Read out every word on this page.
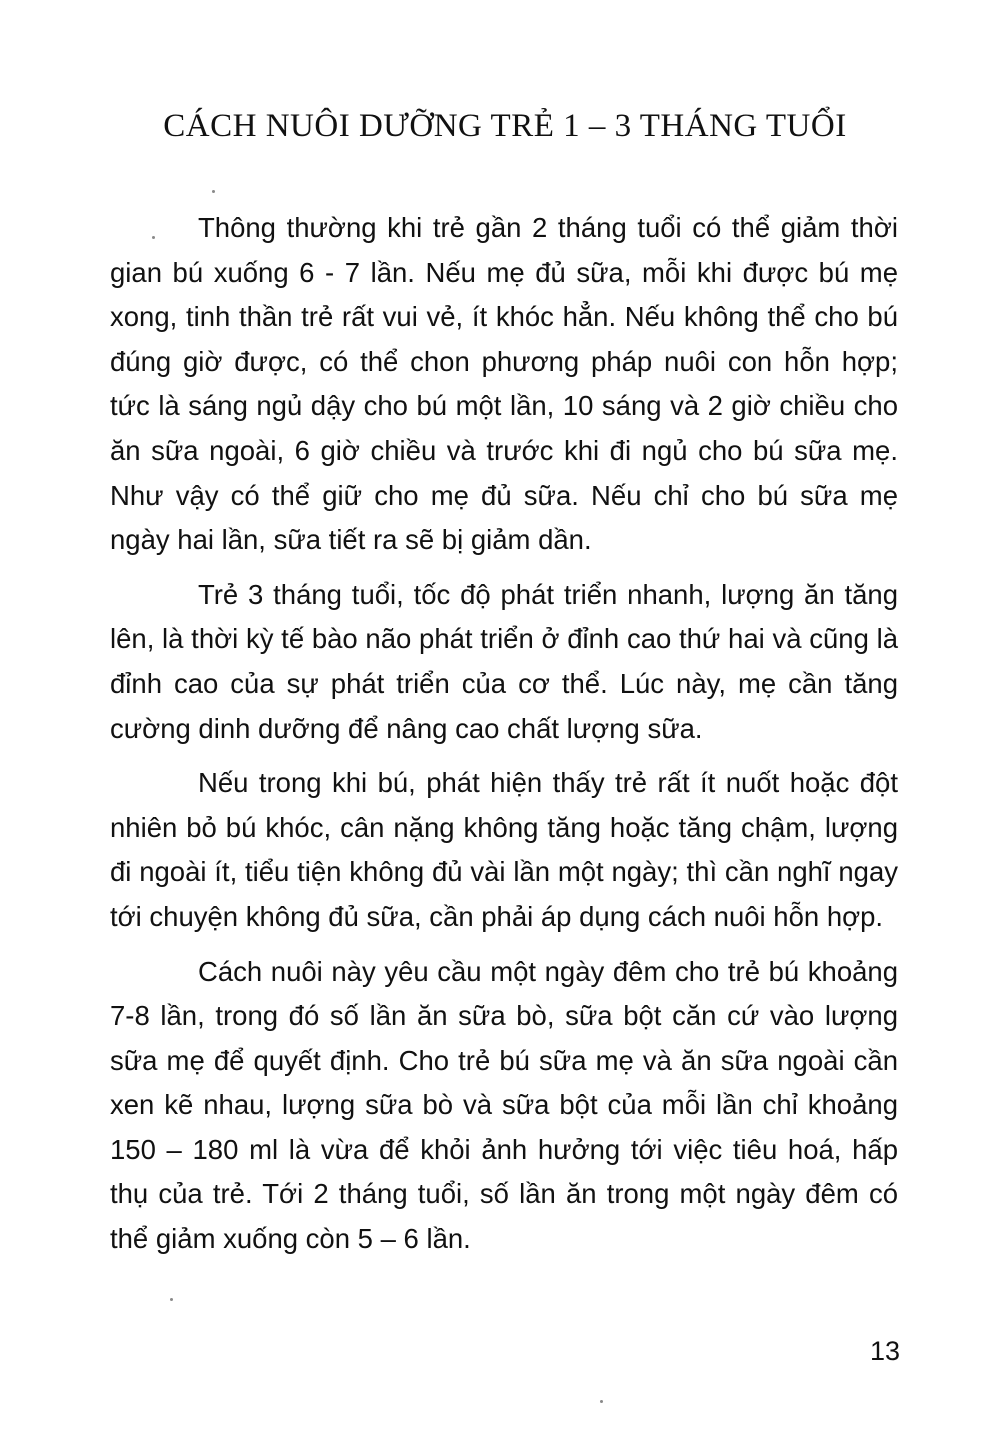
CÁCH NUÔI DƯỠNG TRẺ 1 – 3 THÁNG TUỔI

Thông thường khi trẻ gần 2 tháng tuổi có thể giảm thời gian bú xuống 6 - 7 lần. Nếu mẹ đủ sữa, mỗi khi được bú mẹ xong, tinh thần trẻ rất vui vẻ, ít khóc hẳn. Nếu không thể cho bú đúng giờ được, có thể chon phương pháp nuôi con hỗn hợp; tức là sáng ngủ dậy cho bú một lần, 10 sáng và 2 giờ chiều cho ăn sữa ngoài, 6 giờ chiều và trước khi đi ngủ cho bú sữa mẹ. Như vậy có thể giữ cho mẹ đủ sữa. Nếu chỉ cho bú sữa mẹ ngày hai lần, sữa tiết ra sẽ bị giảm dần.

Trẻ 3 tháng tuổi, tốc độ phát triển nhanh, lượng ăn tăng lên, là thời kỳ tế bào não phát triển ở đỉnh cao thứ hai và cũng là đỉnh cao của sự phát triển của cơ thể. Lúc này, mẹ cần tăng cường dinh dưỡng để nâng cao chất lượng sữa.

Nếu trong khi bú, phát hiện thấy trẻ rất ít nuốt hoặc đột nhiên bỏ bú khóc, cân nặng không tăng hoặc tăng chậm, lượng đi ngoài ít, tiểu tiện không đủ vài lần một ngày; thì cần nghĩ ngay tới chuyện không đủ sữa, cần phải áp dụng cách nuôi hỗn hợp.

Cách nuôi này yêu cầu một ngày đêm cho trẻ bú khoảng 7-8 lần, trong đó số lần ăn sữa bò, sữa bột căn cứ vào lượng sữa mẹ để quyết định. Cho trẻ bú sữa mẹ và ăn sữa ngoài cần xen kẽ nhau, lượng sữa bò và sữa bột của mỗi lần chỉ khoảng 150 – 180 ml là vừa để khỏi ảnh hưởng tới việc tiêu hoá, hấp thụ của trẻ. Tới 2 tháng tuổi, số lần ăn trong một ngày đêm có thể giảm xuống còn 5 – 6 lần.

13
